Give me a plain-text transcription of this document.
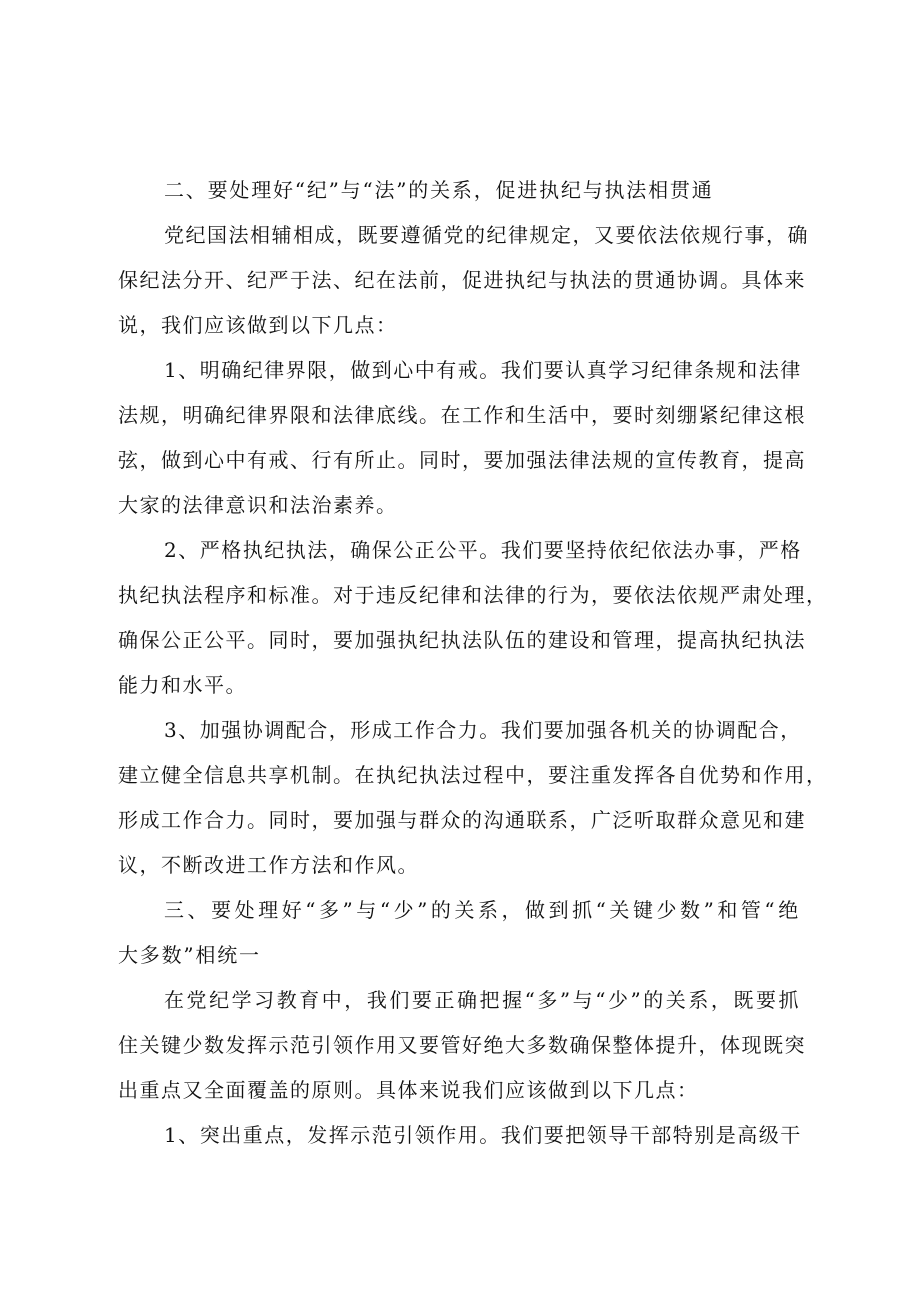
二、要处理好“纪”与“法”的关系，促进执纪与执法相贯通
党纪国法相辅相成，既要遵循党的纪律规定，又要依法依规行事，确
保纪法分开、纪严于法、纪在法前，促进执纪与执法的贯通协调。具体来
说，我们应该做到以下几点：
1、明确纪律界限，做到心中有戒。我们要认真学习纪律条规和法律
法规，明确纪律界限和法律底线。在工作和生活中，要时刻绷紧纪律这根
弦，做到心中有戒、行有所止。同时，要加强法律法规的宣传教育，提高
大家的法律意识和法治素养。
2、严格执纪执法，确保公正公平。我们要坚持依纪依法办事，严格
执纪执法程序和标准。对于违反纪律和法律的行为，要依法依规严肃处理，
确保公正公平。同时，要加强执纪执法队伍的建设和管理，提高执纪执法
能力和水平。
3、加强协调配合，形成工作合力。我们要加强各机关的协调配合，
建立健全信息共享机制。在执纪执法过程中，要注重发挥各自优势和作用，
形成工作合力。同时，要加强与群众的沟通联系，广泛听取群众意见和建
议，不断改进工作方法和作风。
三、要处理好“多”与“少”的关系，做到抓“关键少数”和管“绝
大多数”相统一
在党纪学习教育中，我们要正确把握“多”与“少”的关系，既要抓
住关键少数发挥示范引领作用又要管好绝大多数确保整体提升，体现既突
出重点又全面覆盖的原则。具体来说我们应该做到以下几点：
1、突出重点，发挥示范引领作用。我们要把领导干部特别是高级干
